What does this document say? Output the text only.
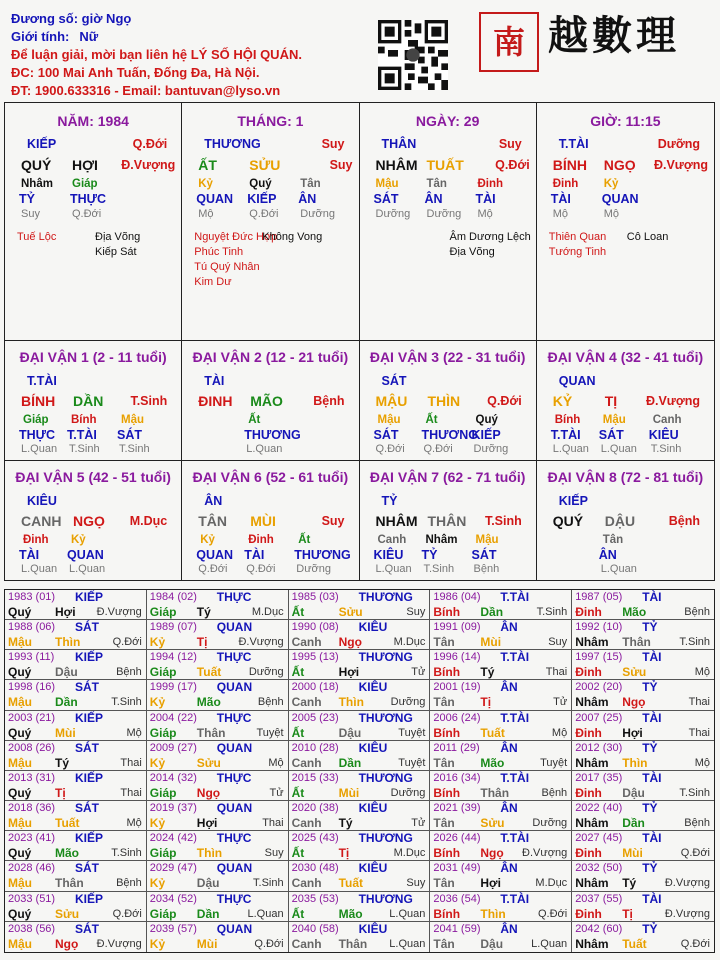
Đương số: giờ Ngọ
Giới tính: Nữ
Để luận giải, mời bạn liên hệ LÝ SỐ HỘI QUÁN.
ĐC: 100 Mai Anh Tuấn, Đống Đa, Hà Nội.
ĐT: 1900.633316 - Email: bantuvan@lyso.vn
南 越數理
NĂM: 1984
KIẾP	Q.Đới
QUÝ HỢI Đ.Vượng
Nhâm
TỶ
Suy
Giáp
THỰC
Q.Đới
Tuế Lộc	Địa Võng
Kiếp Sát
THÁNG: 1
THƯƠNG	Suy
ẤT SỬU	Suy
Kỷ
QUAN
Mộ
Quý
KIẾP
Q.Đới
Tân
ÂN
Dưỡng
Nguyệt Đức Hợp
Phúc Tinh
Tú Quý Nhân
Kim Dư
Không Vong
NGÀY: 29
THÂN	Suy
NHÂM TUẤT	Q.Đới
Mậu
SÁT
Dưỡng
Tân
ÂN
Dưỡng
Đinh
TÀI
Mộ
Âm Dương Lệch
Địa Võng
GIỜ: 11:15
T.TÀI	Dưỡng
BÍNH NGỌ Đ.Vượng
Đinh
TÀI
Mộ
Kỷ
QUAN
Mộ
Thiên Quan
Tướng Tinh
Cô Loan
ĐẠI VẬN 1 (2 - 11 tuổi)
T.TÀI
BÍNH DẦN T.Sinh
Giáp
THỰC
L.Quan
Bính
T.TÀI
T.Sinh
Mậu
SÁT
T.Sinh
ĐẠI VẬN 2 (12 - 21 tuổi)
TÀI
ĐINH MÃO Bệnh
Ất
THƯƠNG
L.Quan
ĐẠI VẬN 3 (22 - 31 tuổi)
SÁT
MẬU THÌN Q.Đới
Mậu
SÁT
Q.Đới
Ất
THƯƠNG
Q.Đới
Quý
KIẾP
Dưỡng
ĐẠI VẬN 4 (32 - 41 tuổi)
QUAN
KỶ TỊ Đ.Vượng
Bính
T.TÀI
L.Quan
Mậu
SÁT
L.Quan
Canh
KIÊU
T.Sinh
ĐẠI VẬN 5 (42 - 51 tuổi)
KIÊU
CANH NGỌ M.Dục
Đinh
TÀI
L.Quan
Kỷ
QUAN
L.Quan
ĐẠI VẬN 6 (52 - 61 tuổi)
ÂN
TÂN MÙI	Suy
Kỷ
QUAN
Q.Đới
Đinh
TÀI
Q.Đới
Ất
THƯƠNG
Dưỡng
ĐẠI VẬN 7 (62 - 71 tuổi)
TỶ
NHÂM THÂN T.Sinh
Canh
KIÊU
L.Quan
Nhâm
TỶ
T.Sinh
Mậu
SÁT
Bệnh
ĐẠI VẬN 8 (72 - 81 tuổi)
KIẾP
QUÝ DẬU	Bệnh
Tân
ÂN
L.Quan
1983 (01) KIẾP
Quý Hợi Đ.Vượng
1984 (02) THỰC
Giáp Tý	M.Dục
1985 (03) THƯƠNG
Ất	Sửu	Suy
1986 (04) T.TÀI
Bính Dần	T.Sinh
1987 (05) TÀI
Đinh Mão	Bệnh
1988 (06) SÁT
Mậu Thìn	Q.Đới
1989 (07) QUAN
Kỷ	Tị	Đ.Vượng
1990 (08) KIÊU
Canh Ngọ	M.Dục
1991 (09) ÂN
Tân Mùi	Suy
1992 (10) TỶ
Nhâm Thân	T.Sinh
1993 (11) KIẾP
Quý Dậu	Bệnh
1994 (12) THỰC
Giáp Tuất	Dưỡng
1995 (13) THƯƠNG
Ất	Hợi	Tử
1996 (14) T.TÀI
Bính Tý	Thai
1997 (15) TÀI
Đinh Sửu	Mộ
1998 (16) SÁT
Mậu Dần	T.Sinh
1999 (17) QUAN
Kỷ	Mão	Bệnh
2000 (18) KIÊU
Canh Thìn Dưỡng
2001 (19) ÂN
Tân Tị	Tử
2002 (20) TỶ
Nhâm Ngọ	Thai
2003 (21) KIẾP
Quý Mùi	Mộ
2004 (22) THỰC
Giáp Thân	Tuyệt
2005 (23) THƯƠNG
Ất	Dậu	Tuyệt
2006 (24) T.TÀI
Bính Tuất	Mộ
2007 (25) TÀI
Đinh Hợi	Thai
2008 (26) SÁT
Mậu Tý	Thai
2009 (27) QUAN
Kỷ	Sửu	Mộ
2010 (28) KIÊU
Canh Dần	Tuyệt
2011 (29) ÂN
Tân Mão	Tuyệt
2012 (30) TỶ
Nhâm Thìn	Mộ
2013 (31) KIẾP
Quý Tị	Thai
2014 (32) THỰC
Giáp Ngọ	Tử
2015 (33) THƯƠNG
Ất	Mùi	Dưỡng
2016 (34) T.TÀI
Bính Thân	Bệnh
2017 (35) TÀI
Đinh Dậu	T.Sinh
2018 (36) SÁT
Mậu Tuất	Mộ
2019 (37) QUAN
Kỷ	Hợi	Thai
2020 (38) KIÊU
Canh Tý	Tử
2021 (39) ÂN
Tân Sửu	Dưỡng
2022 (40) TỶ
Nhâm Dần	Bệnh
2023 (41) KIẾP
Quý Mão	T.Sinh
2024 (42) THỰC
Giáp Thìn	Suy
2025 (43) THƯƠNG
Ất	Tị	M.Dục
2026 (44) T.TÀI
Bính Ngọ Đ.Vượng
2027 (45) TÀI
Đinh Mùi	Q.Đới
2028 (46) SÁT
Mậu Thân	Bệnh
2029 (47) QUAN
Kỷ	Dậu	T.Sinh
2030 (48) KIÊU
Canh Tuất	Suy
2031 (49) ÂN
Tân Hợi	M.Dục
2032 (50) TỶ
Nhâm Tý	Đ.Vượng
2033 (51) KIẾP
Quý Sửu	Q.Đới
2034 (52) THỰC
Giáp Dần	L.Quan
2035 (53) THƯƠNG
Ất	Mão L.Quan
2036 (54) T.TÀI
Bính Thìn	Q.Đới
2037 (55) TÀI
Đinh Tị	Đ.Vượng
2038 (56) SÁT
Mậu Ngọ Đ.Vượng
2039 (57) QUAN
Kỷ	Mùi	Q.Đới
2040 (58) KIÊU
Canh Thân L.Quan
2041 (59) ÂN
Tân Dậu	L.Quan
2042 (60) TỶ
Nhâm Tuất	Q.Đới
